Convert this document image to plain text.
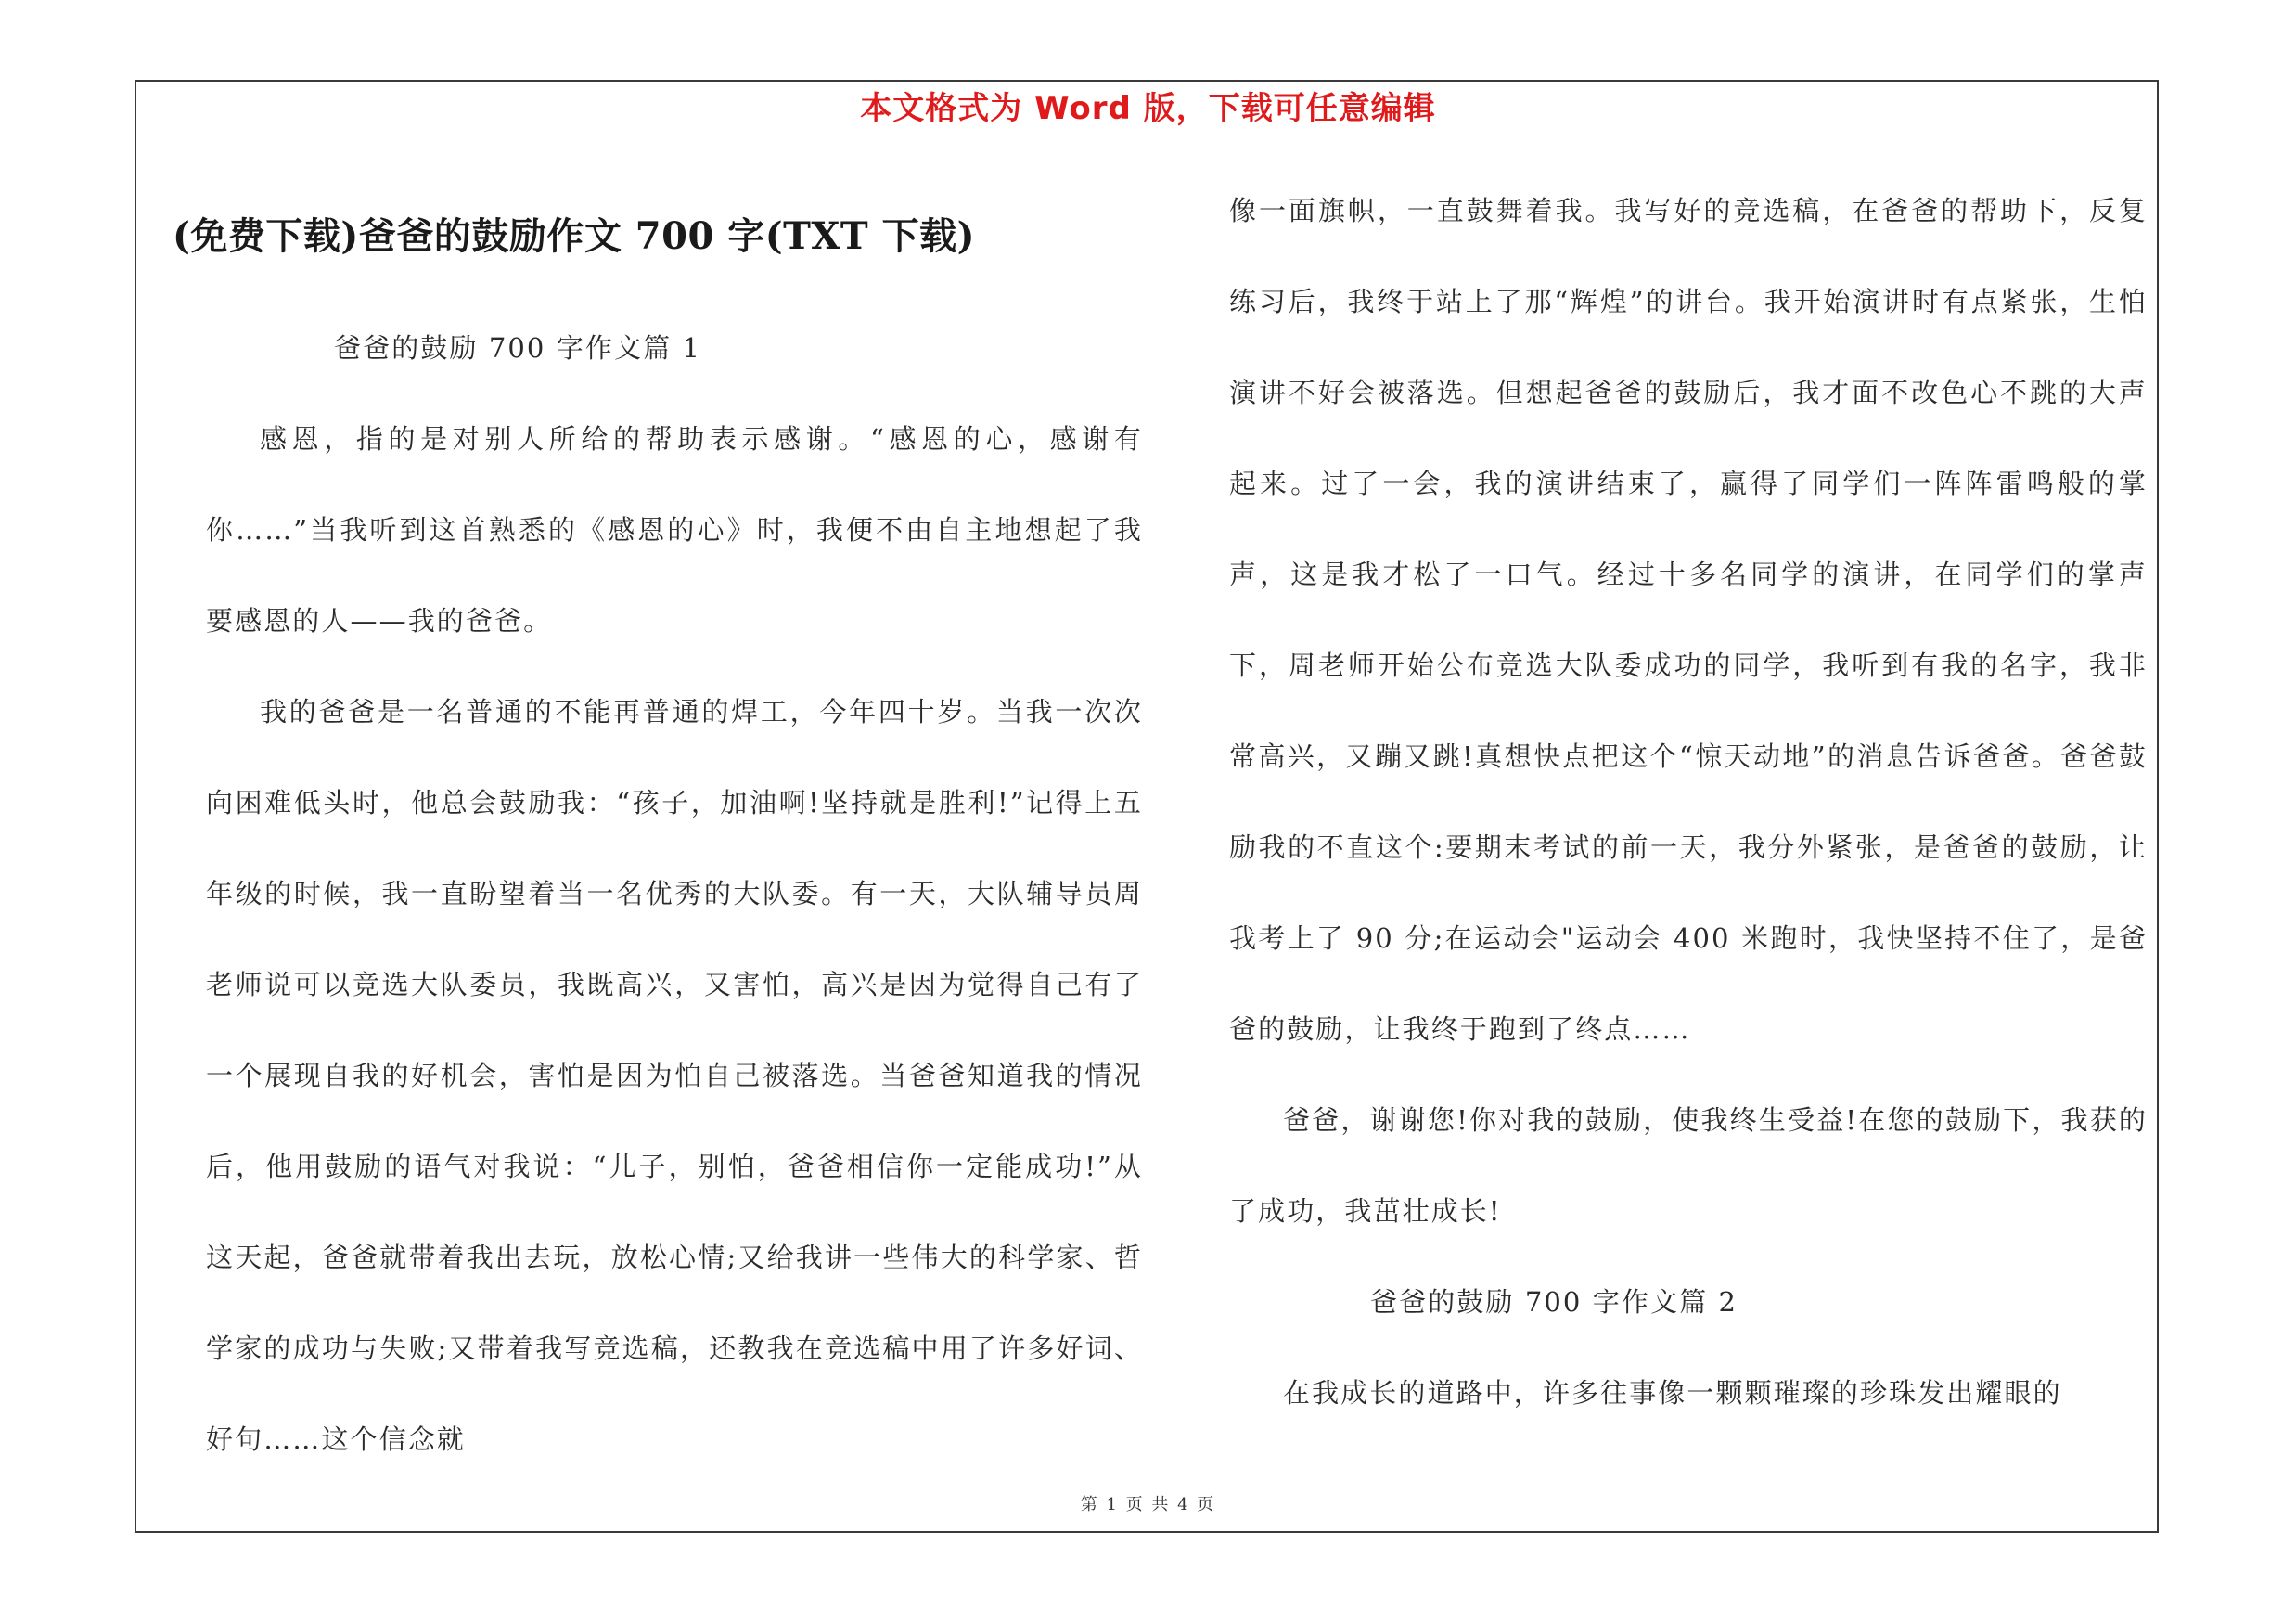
本文格式为 Word 版，下载可任意编辑
(免费下载)爸爸的鼓励作文 700 字(TXT 下载)

爸爸的鼓励 700 字作文篇 1

感恩，指的是对别人所给的帮助表示感谢。“感恩的心，感谢有你……”当我听到这首熟悉的《感恩的心》时，我便不由自主地想起了我要感恩的人——我的爸爸。

我的爸爸是一名普通的不能再普通的焊工，今年四十岁。当我一次次向困难低头时，他总会鼓励我：“孩子，加油啊!坚持就是胜利!”记得上五年级的时候，我一直盼望着当一名优秀的大队委。有一天，大队辅导员周老师说可以竞选大队委员，我既高兴，又害怕，高兴是因为觉得自己有了一个展现自我的好机会，害怕是因为怕自己被落选。当爸爸知道我的情况后，他用鼓励的语气对我说：“儿子，别怕，爸爸相信你一定能成功!”从这天起，爸爸就带着我出去玩，放松心情;又给我讲一些伟大的科学家、哲学家的成功与失败;又带着我写竞选稿，还教我在竞选稿中用了许多好词、好句……这个信念就

像一面旗帜，一直鼓舞着我。我写好的竞选稿，在爸爸的帮助下，反复练习后，我终于站上了那“辉煌”的讲台。我开始演讲时有点紧张，生怕演讲不好会被落选。但想起爸爸的鼓励后，我才面不改色心不跳的大声起来。过了一会，我的演讲结束了，赢得了同学们一阵阵雷鸣般的掌声，这是我才松了一口气。经过十多名同学的演讲，在同学们的掌声下，周老师开始公布竞选大队委成功的同学，我听到有我的名字，我非常高兴，又蹦又跳!真想快点把这个“惊天动地”的消息告诉爸爸。爸爸鼓励我的不直这个:要期末考试的前一天，我分外紧张，是爸爸的鼓励，让我考上了 90 分;在运动会"运动会 400 米跑时，我快坚持不住了，是爸爸的鼓励，让我终于跑到了终点……

爸爸，谢谢您!你对我的鼓励，使我终生受益!在您的鼓励下，我获的了成功，我茁壮成长!

爸爸的鼓励 700 字作文篇 2

在我成长的道路中，许多往事像一颗颗璀璨的珍珠发出耀眼的

第 1 页 共 4 页
